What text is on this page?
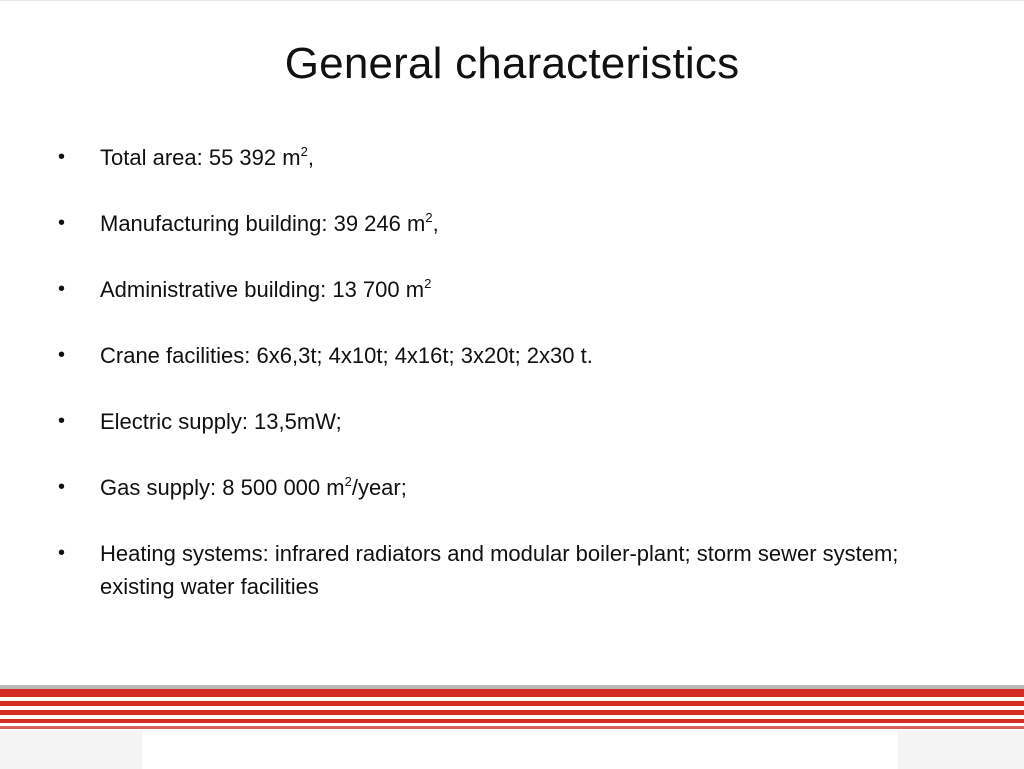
General characteristics
• Total area: 55 392 $m^2$,
• Manufacturing building: 39 246 $m^2$,
• Administrative building: 13 700 $m^2$
• Crane facilities: 6x6,3t; 4x10t; 4x16t; 3x20t; 2x30 t.
• Electric supply: 13,5mW;
• Gas supply: 8 500 000 $m^2$/year;
• Heating systems: infrared radiators and modular boiler-plant; storm sewer system; existing water facilities
